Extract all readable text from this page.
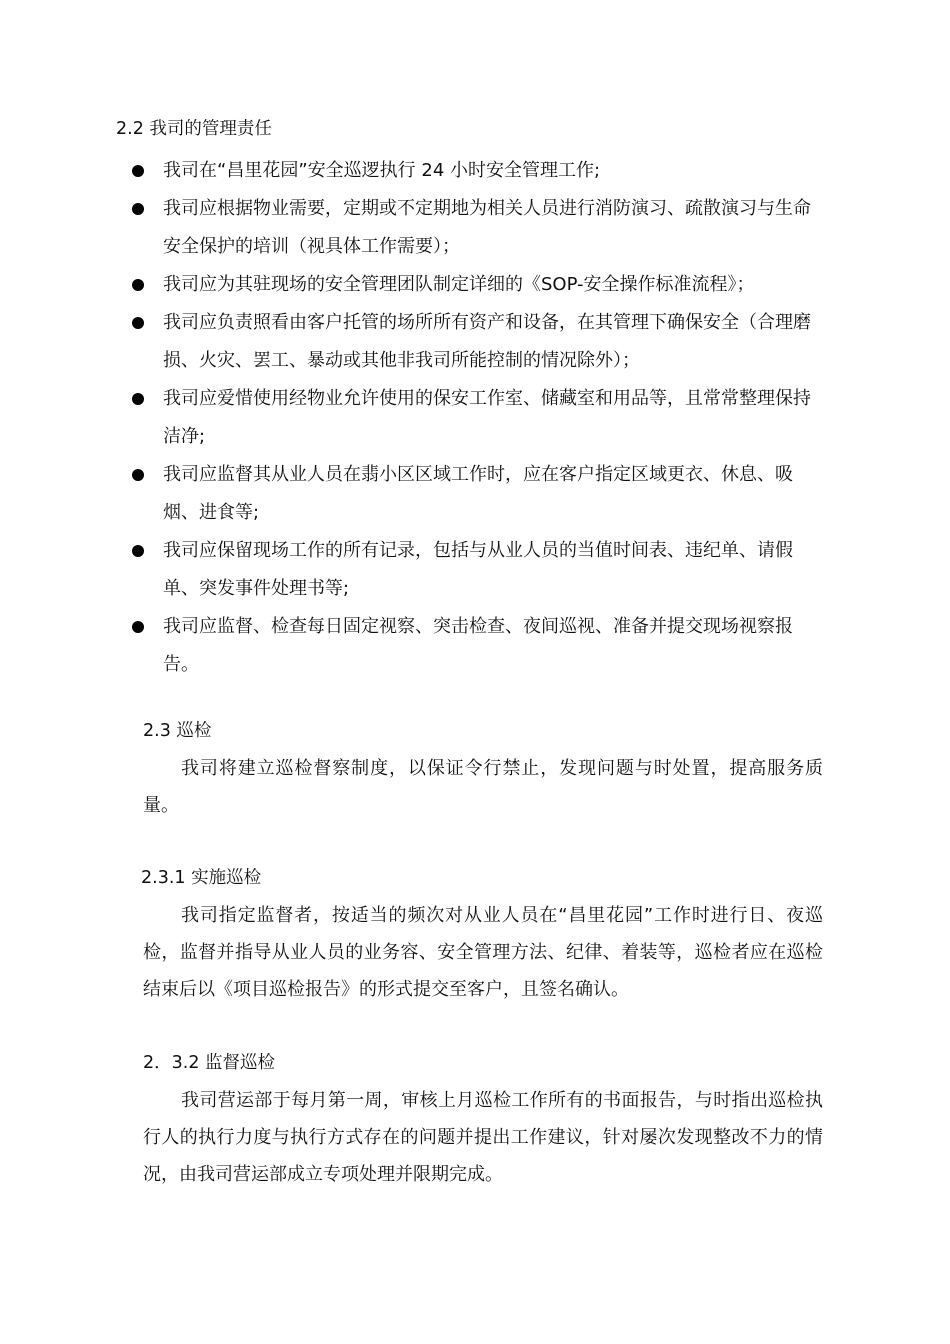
2.2 我司的管理责任
我司在“昌里花园”安全巡逻执行 24 小时安全管理工作;
我司应根据物业需要，定期或不定期地为相关人员进行消防演习、疏散演习与生命安全保护的培训（视具体工作需要）；
我司应为其驻现场的安全管理团队制定详细的《SOP-安全操作标准流程》；
我司应负责照看由客户托管的场所所有资产和设备，在其管理下确保安全（合理磨损、火灾、罢工、暴动或其他非我司所能控制的情况除外）；
我司应爱惜使用经物业允许使用的保安工作室、储藏室和用品等，且常常整理保持洁净;
我司应监督其从业人员在翡小区区域工作时，应在客户指定区域更衣、休息、吸烟、进食等;
我司应保留现场工作的所有记录，包括与从业人员的当值时间表、违纪单、请假单、突发事件处理书等;
我司应监督、检查每日固定视察、突击检查、夜间巡视、准备并提交现场视察报告。
2.3 巡检

我司将建立巡检督察制度，以保证令行禁止，发现问题与时处置，提高服务质量。

2.3.1 实施巡检

我司指定监督者，按适当的频次对从业人员在“昌里花园”工作时进行日、夜巡检，监督并指导从业人员的业务容、安全管理方法、纪律、着装等，巡检者应在巡检结束后以《项目巡检报告》的形式提交至客户，且签名确认。

2．3.2 监督巡检

我司营运部于每月第一周，审核上月巡检工作所有的书面报告，与时指出巡检执行人的执行力度与执行方式存在的问题并提出工作建议，针对屡次发现整改不力的情况，由我司营运部成立专项处理并限期完成。
